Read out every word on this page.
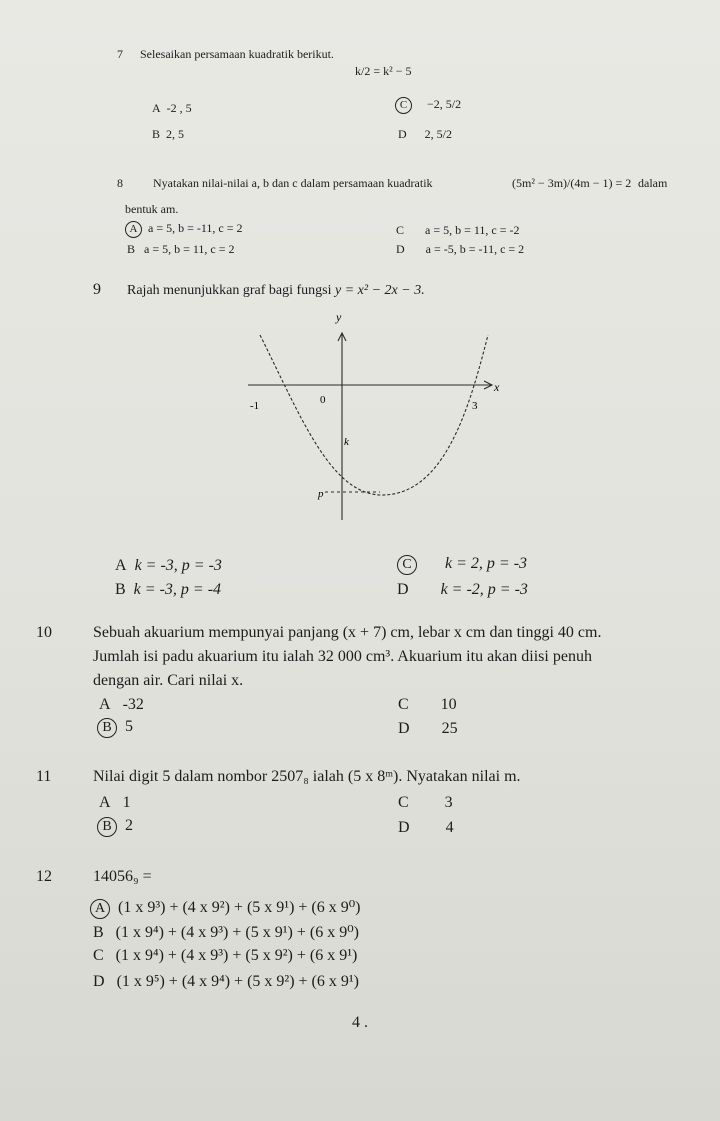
7 Selesaikan persamaan kuadratik berikut.
k/2 = k² − 5
A -2 , 5	C −2, 5/2
B 2, 5	D 2, 5/2
8	Nyatakan nilai-nilai a, b dan c dalam persamaan kuadratik	(5m² − 3m)/(4m − 1) = 2 dalam
bentuk am.
A a = 5, b = -11, c = 2	C a = 5, b = 11, c = -2
B a = 5, b = 11, c = 2	D a = -5, b = -11, c = 2
9 Rajah menunjukkan graf bagi fungsi y = x² − 2x − 3.
y
x
-1	0	3
k
p
A k = -3, p = -3	C k = 2, p = -3
B k = -3, p = -4	D k = -2, p = -3
10	Sebuah akuarium mempunyai panjang (x + 7) cm, lebar x cm dan tinggi 40 cm.
Jumlah isi padu akuarium itu ialah 32 000 cm³. Akuarium itu akan diisi penuh
dengan air. Cari nilai x.
A -32	C 10
B 5	D 25
11	Nilai digit 5 dalam nombor 2507₈ ialah (5 x 8ᵐ). Nyatakan nilai m.
A 1	C 3
B 2	D 4
12	14056₉ =
A (1 x 9³) + (4 x 9²) + (5 x 9¹) + (6 x 9⁰)
B (1 x 9⁴) + (4 x 9³) + (5 x 9¹) + (6 x 9⁰)
C (1 x 9⁴) + (4 x 9³) + (5 x 9²) + (6 x 9¹)
D (1 x 9⁵) + (4 x 9⁴) + (5 x 9²) + (6 x 9¹)
4 .
